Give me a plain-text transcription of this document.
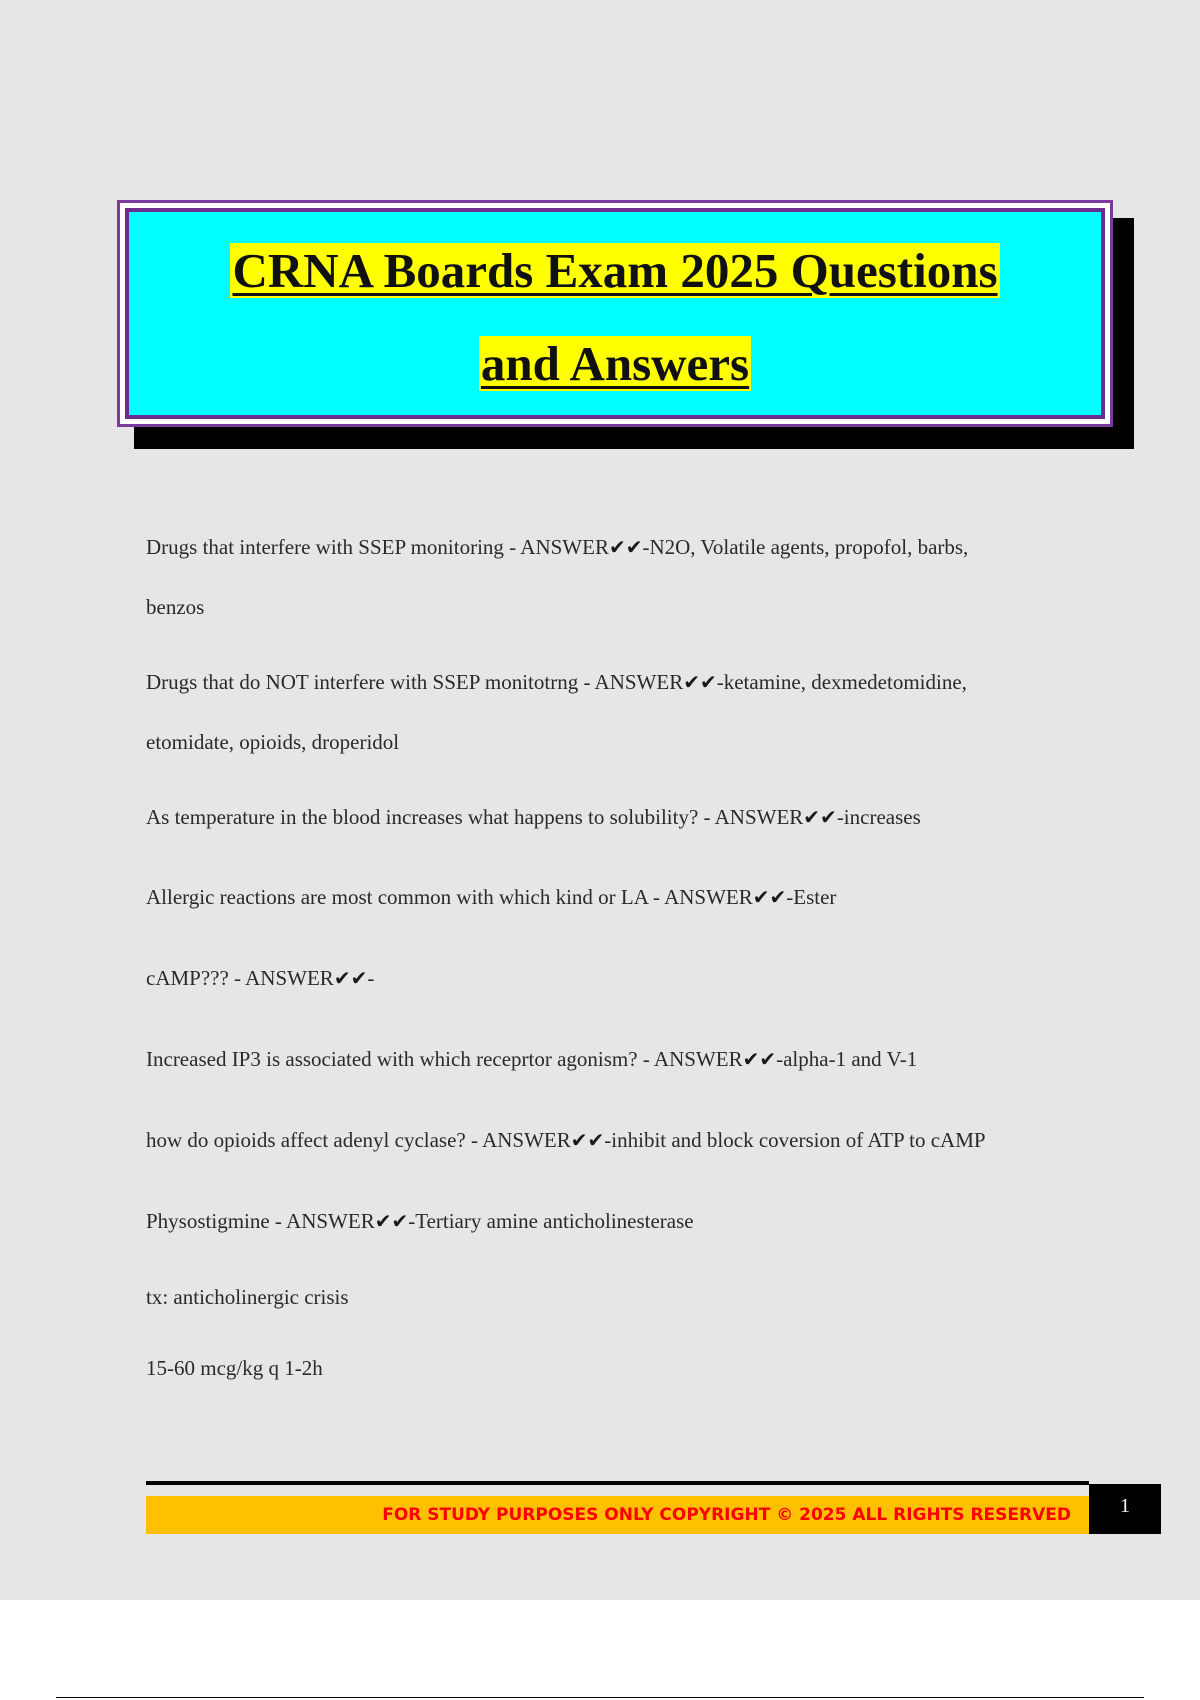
CRNA Boards Exam 2025 Questions
and Answers

Drugs that interfere with SSEP monitoring - ANSWER✔✔-N2O, Volatile agents, propofol, barbs,

benzos

Drugs that do NOT interfere with SSEP monitotrng - ANSWER✔✔-ketamine, dexmedetomidine,

etomidate, opioids, droperidol

As temperature in the blood increases what happens to solubility? - ANSWER✔✔-increases

Allergic reactions are most common with which kind or LA - ANSWER✔✔-Ester

cAMP??? - ANSWER✔✔-

Increased IP3 is associated with which receprtor agonism? - ANSWER✔✔-alpha-1 and V-1

how do opioids affect adenyl cyclase? - ANSWER✔✔-inhibit and block coversion of ATP to cAMP

Physostigmine - ANSWER✔✔-Tertiary amine anticholinesterase

tx: anticholinergic crisis

15-60 mcg/kg q 1-2h

FOR STUDY PURPOSES ONLY COPYRIGHT © 2025 ALL RIGHTS RESERVED	1
